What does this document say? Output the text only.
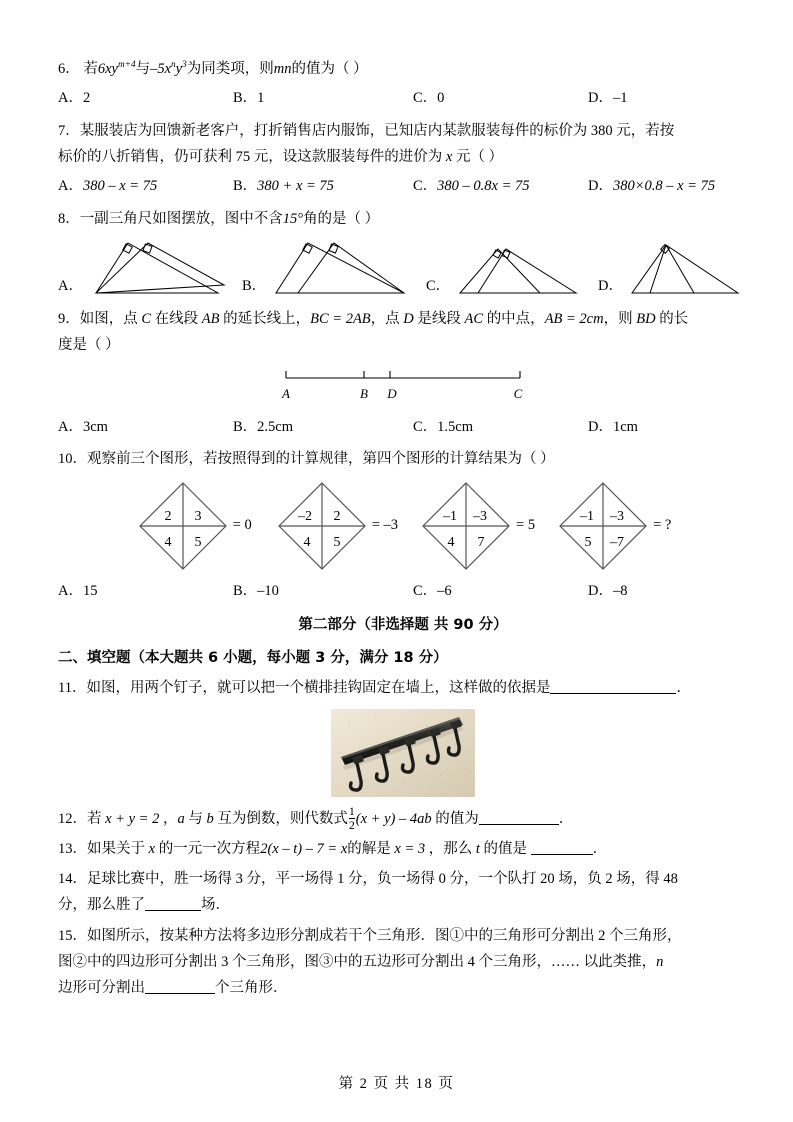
6． 若$6xy^{m+4}$与$-5x^ny^3$为同类项，则mn的值为（ ）
A．2	B．1	C．0	D．–1
7．某服装店为回馈新老客户，打折销售店内服饰，已知店内某款服装每件的标价为 380 元，若按
标价的八折销售，仍可获利 75 元，设这款服装每件的进价为 x 元（ ）
A．380 – x = 75	B．380 + x = 75	C．380 – 0.8x = 75	D．380×0.8 – x = 75
8．一副三角尺如图摆放，图中不含15°角的是（ ）
A．	B．	C．	D．
9．如图，点 C 在线段 AB 的延长线上，BC = 2AB，点 D 是线段 AC 的中点，AB = 2cm，则 BD 的长
度是（ ）
A	B D	C
A．3cm	B．2.5cm	C．1.5cm	D．1cm
10．观察前三个图形，若按照得到的计算规律，第四个图形的计算结果为（ ）
2 3
4 5
= 0
–2 2
4 5
= –3
–1 –3
4 7
= 5
–1 –3
5 –7
= ?
A．15	B．–10	C．–6	D．–8
第二部分（非选择题 共 90 分）
二、填空题（本大题共 6 小题，每小题 3 分，满分 18 分）
11．如图，用两个钉子，就可以把一个横排挂钩固定在墙上，这样做的依据是	．
12．若 x + y = 2 ，a 与 b 互为倒数，则代数式 $\frac{1}{2} (x + y) - 4ab$ 的值为	．
13．如果关于 x 的一元一次方程2(x – t) – 7 = x的解是 x = 3 ，那么 t 的值是	．
14．足球比赛中，胜一场得 3 分，平一场得 1 分，负一场得 0 分，一个队打 20 场，负 2 场，得 48
分，那么胜了	场．
15．如图所示，按某种方法将多边形分割成若干个三角形．图①中的三角形可分割出 2 个三角形，
图②中的四边形可分割出 3 个三角形，图③中的五边形可分割出 4 个三角形，…… 以此类推，n
边形可分割出	个三角形．
第 2 页 共 18 页
